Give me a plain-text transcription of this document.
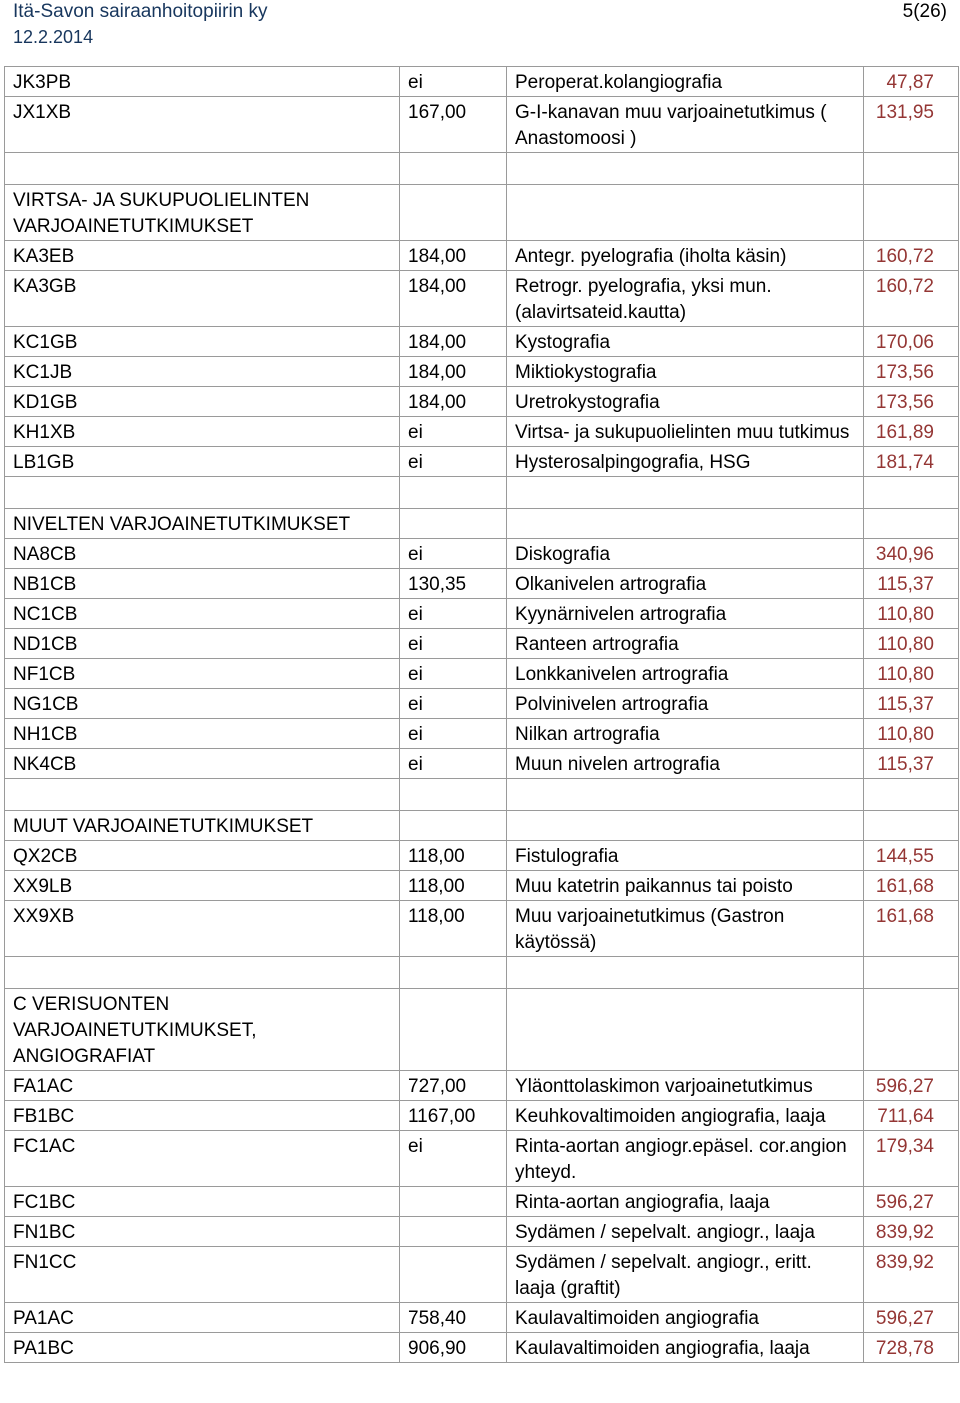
Itä-Savon sairaanhoitopiirin ky
12.2.2014
5(26)
JK3PB	ei	Peroperat.kolangiografia	47,87
JX1XB	167,00	G-I-kanavan muu varjoainetutkimus ( Anastomoosi )	131,95

VIRTSA- JA SUKUPUOLIELINTEN VARJOAINETUTKIMUKSET			
KA3EB	184,00	Antegr. pyelografia (iholta käsin)	160,72
KA3GB	184,00	Retrogr. pyelografia, yksi mun. (alavirtsateid.kautta)	160,72
KC1GB	184,00	Kystografia	170,06
KC1JB	184,00	Miktiokystografia	173,56
KD1GB	184,00	Uretrokystografia	173,56
KH1XB	ei	Virtsa- ja sukupuolielinten muu tutkimus	161,89
LB1GB	ei	Hysterosalpingografia, HSG	181,74

NIVELTEN VARJOAINETUTKIMUKSET			
NA8CB	ei	Diskografia	340,96
NB1CB	130,35	Olkanivelen artrografia	115,37
NC1CB	ei	Kyynärnivelen artrografia	110,80
ND1CB	ei	Ranteen artrografia	110,80
NF1CB	ei	Lonkkanivelen artrografia	110,80
NG1CB	ei	Polvinivelen artrografia	115,37
NH1CB	ei	Nilkan artrografia	110,80
NK4CB	ei	Muun nivelen artrografia	115,37

MUUT VARJOAINETUTKIMUKSET			
QX2CB	118,00	Fistulografia	144,55
XX9LB	118,00	Muu katetrin paikannus tai poisto	161,68
XX9XB	118,00	Muu varjoainetutkimus (Gastron käytössä)	161,68

C VERISUONTEN VARJOAINETUTKIMUKSET, ANGIOGRAFIAT			
FA1AC	727,00	Yläonttolaskimon varjoainetutkimus	596,27
FB1BC	1167,00	Keuhkovaltimoiden angiografia, laaja	711,64
FC1AC	ei	Rinta-aortan angiogr.epäsel. cor.angion yhteyd.	179,34
FC1BC		Rinta-aortan angiografia, laaja	596,27
FN1BC		Sydämen / sepelvalt. angiogr., laaja	839,92
FN1CC		Sydämen / sepelvalt. angiogr., eritt. laaja (graftit)	839,92
PA1AC	758,40	Kaulavaltimoiden angiografia	596,27
PA1BC	906,90	Kaulavaltimoiden angiografia, laaja	728,78
